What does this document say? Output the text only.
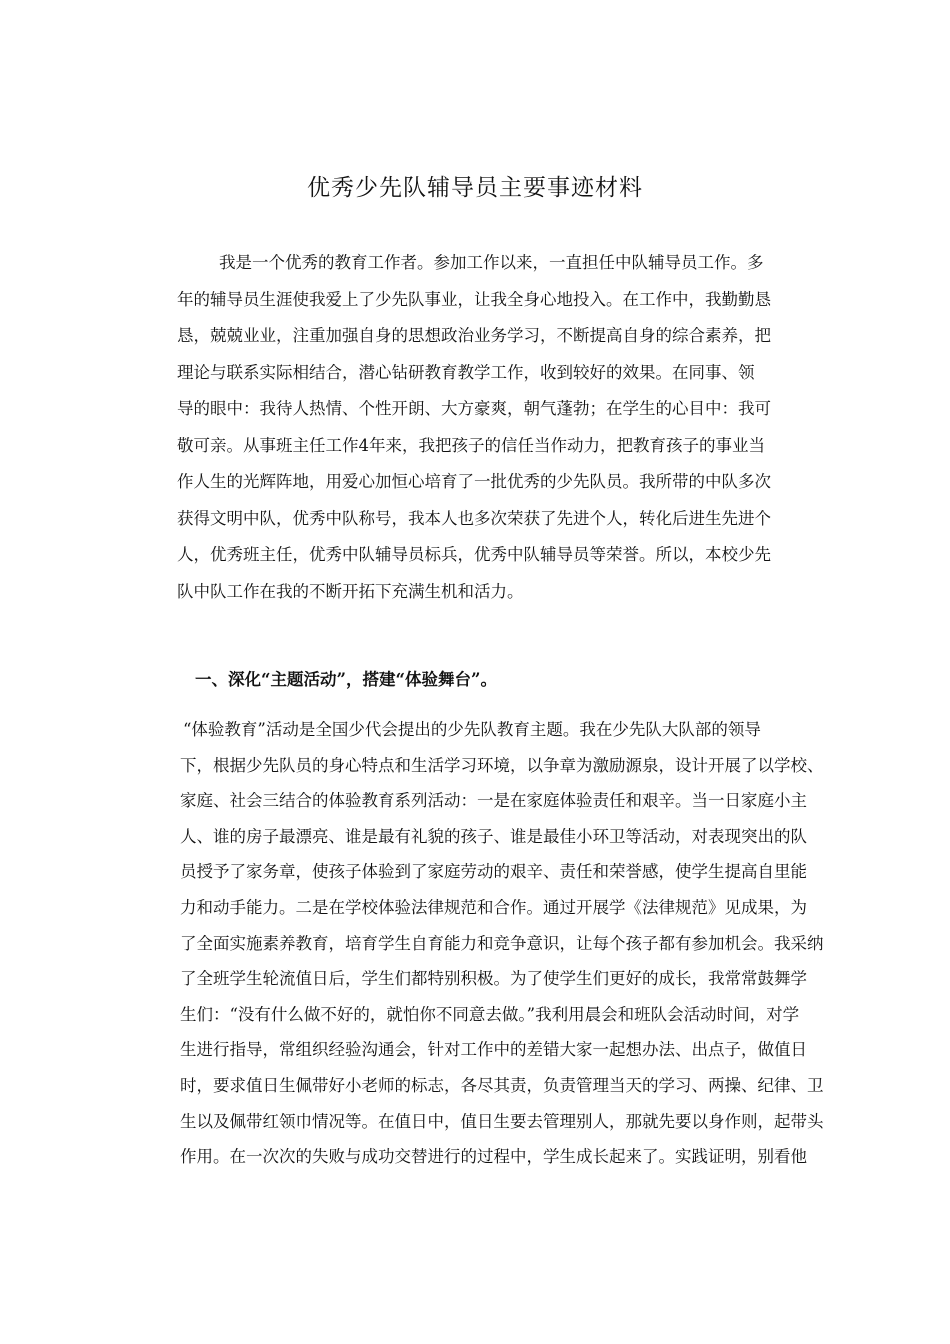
优秀少先队辅导员主要事迹材料
我是一个优秀的教育工作者。参加工作以来，一直担任中队辅导员工作。多
年的辅导员生涯使我爱上了少先队事业，让我全身心地投入。在工作中，我勤勤恳
恳，兢兢业业，注重加强自身的思想政治业务学习，不断提高自身的综合素养，把
理论与联系实际相结合，潜心钻研教育教学工作，收到较好的效果。在同事、领
导的眼中：我待人热情、个性开朗、大方豪爽，朝气蓬勃；在学生的心目中：我可
敬可亲。从事班主任工作4年来，我把孩子的信任当作动力，把教育孩子的事业当
作人生的光辉阵地，用爱心加恒心培育了一批优秀的少先队员。我所带的中队多次
获得文明中队，优秀中队称号，我本人也多次荣获了先进个人，转化后进生先进个
人，优秀班主任，优秀中队辅导员标兵，优秀中队辅导员等荣誉。所以，本校少先
队中队工作在我的不断开拓下充满生机和活力。
一、深化“主题活动”，搭建“体验舞台”。
“体验教育”活动是全国少代会提出的少先队教育主题。我在少先队大队部的领导
下，根据少先队员的身心特点和生活学习环境，以争章为激励源泉，设计开展了以学校、
家庭、社会三结合的体验教育系列活动：一是在家庭体验责任和艰辛。当一日家庭小主
人、谁的房子最漂亮、谁是最有礼貌的孩子、谁是最佳小环卫等活动，对表现突出的队
员授予了家务章，使孩子体验到了家庭劳动的艰辛、责任和荣誉感，使学生提高自里能
力和动手能力。二是在学校体验法律规范和合作。通过开展学《法律规范》见成果，为
了全面实施素养教育，培育学生自育能力和竞争意识，让每个孩子都有参加机会。我采纳
了全班学生轮流值日后，学生们都特别积极。为了使学生们更好的成长，我常常鼓舞学
生们：“没有什么做不好的，就怕你不同意去做。”我利用晨会和班队会活动时间，对学
生进行指导，常组织经验沟通会，针对工作中的差错大家一起想办法、出点子，做值日
时，要求值日生佩带好小老师的标志，各尽其责，负责管理当天的学习、两操、纪律、卫
生以及佩带红领巾情况等。在值日中，值日生要去管理别人，那就先要以身作则，起带头
作用。在一次次的失败与成功交替进行的过程中，学生成长起来了。实践证明，别看他
